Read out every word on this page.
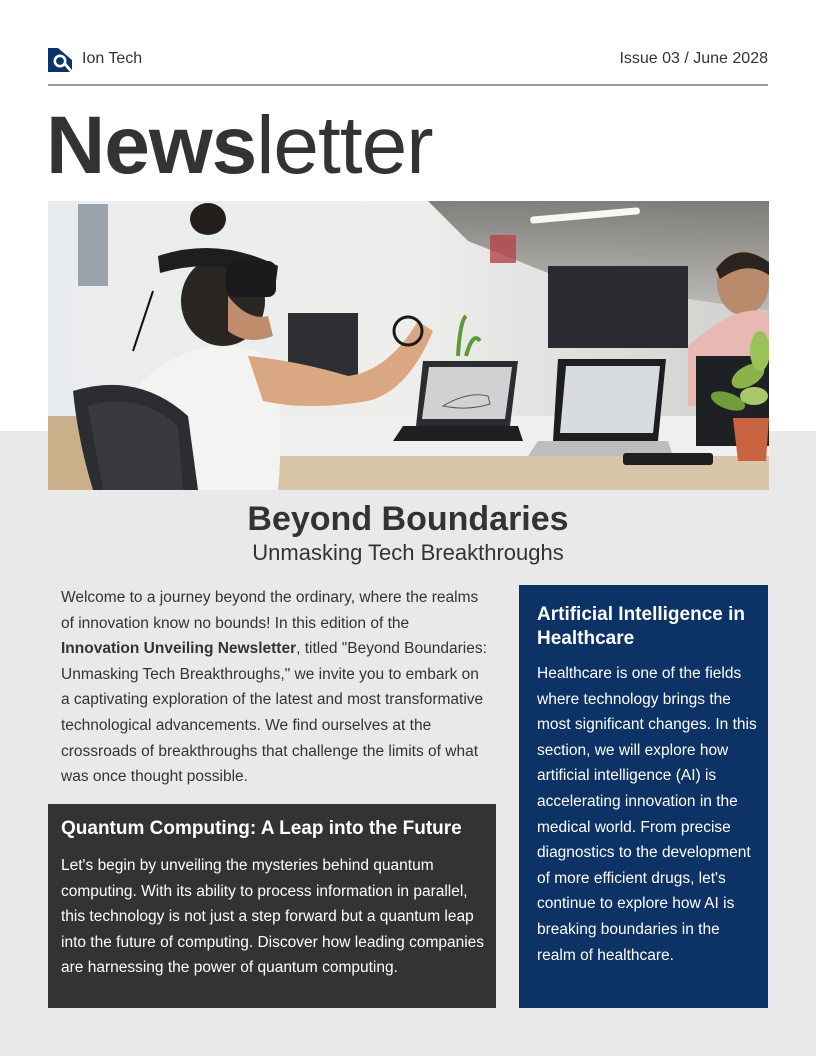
Ion Tech	Issue 03 / June 2028
Newsletter
Beyond Boundaries
Unmasking Tech Breakthroughs
Welcome to a journey beyond the ordinary, where the realms of innovation know no bounds! In this edition of the Innovation Unveiling Newsletter, titled "Beyond Boundaries: Unmasking Tech Breakthroughs," we invite you to embark on a captivating exploration of the latest and most transformative technological advancements. We find ourselves at the crossroads of breakthroughs that challenge the limits of what was once thought possible.
Quantum Computing: A Leap into the Future

Let's begin by unveiling the mysteries behind quantum computing. With its ability to process information in parallel, this technology is not just a step forward but a quantum leap into the future of computing. Discover how leading companies are harnessing the power of quantum computing.

Artificial Intelligence in Healthcare

Healthcare is one of the fields where technology brings the most significant changes. In this section, we will explore how artificial intelligence (AI) is accelerating innovation in the medical world. From precise diagnostics to the development of more efficient drugs, let's continue to explore how AI is breaking boundaries in the realm of healthcare.
